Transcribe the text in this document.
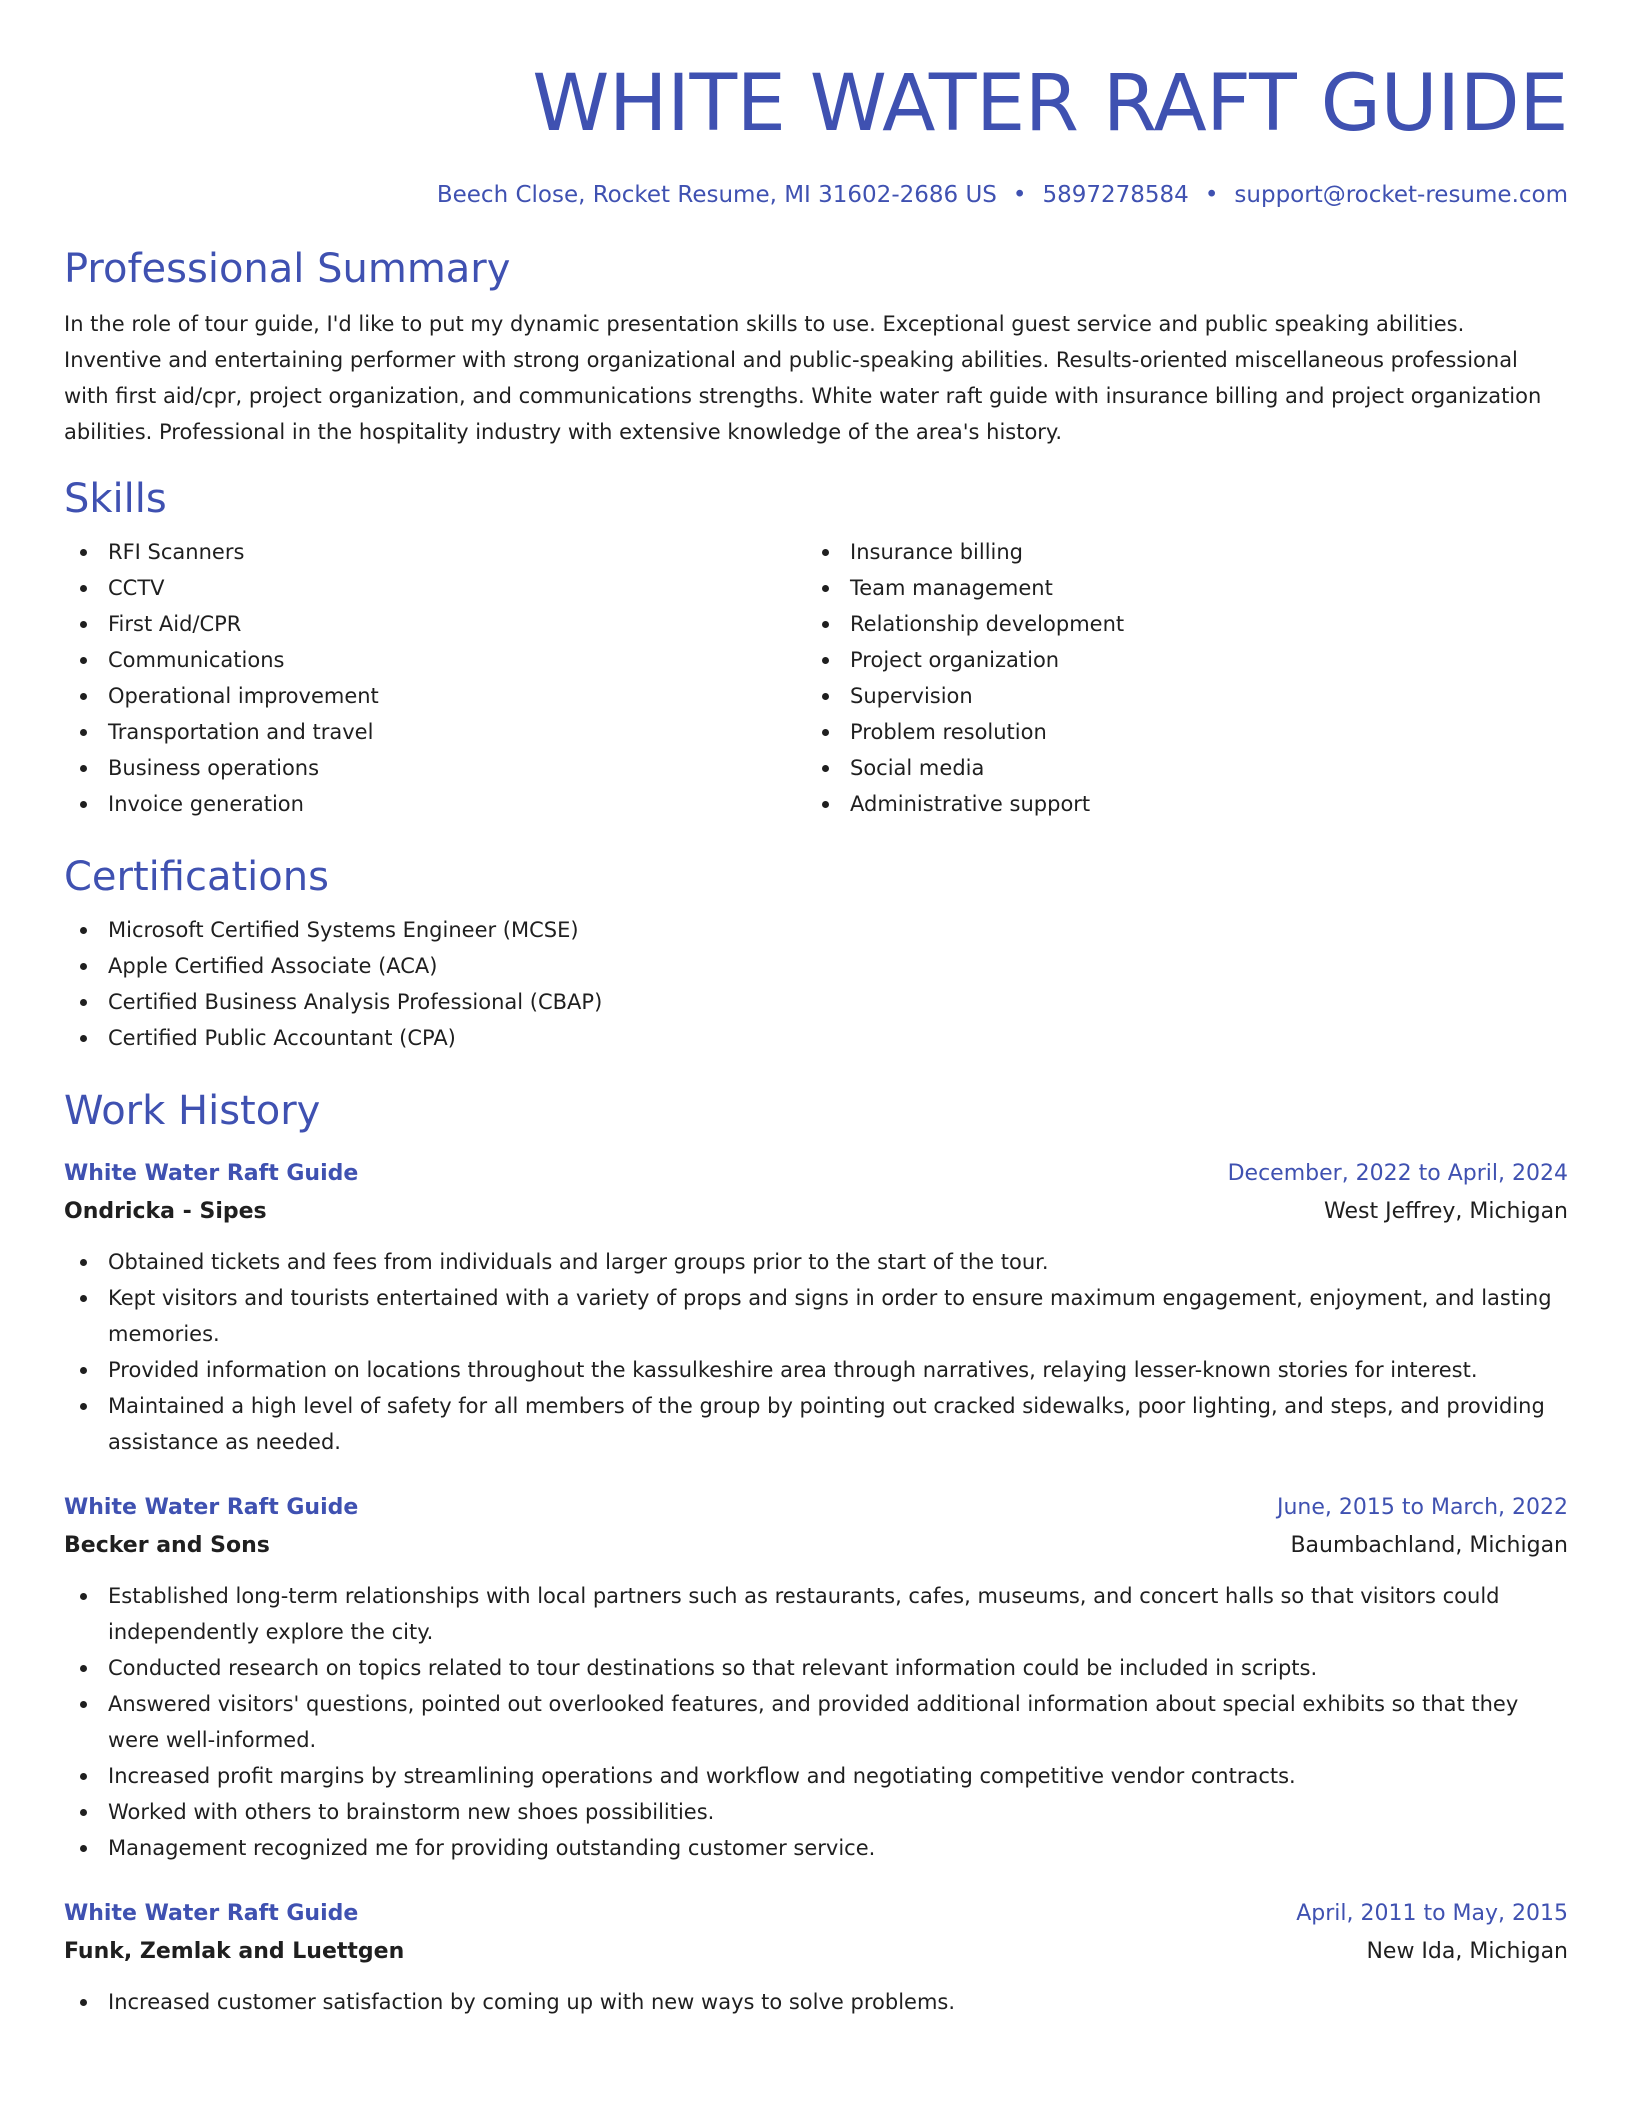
WHITE WATER RAFT GUIDE
Beech Close, Rocket Resume, MI 31602-2686 US • 5897278584 • support@rocket-resume.com
Professional Summary

In the role of tour guide, I'd like to put my dynamic presentation skills to use. Exceptional guest service and public speaking abilities. Inventive and entertaining performer with strong organizational and public-speaking abilities. Results-oriented miscellaneous professional with first aid/cpr, project organization, and communications strengths. White water raft guide with insurance billing and project organization abilities. Professional in the hospitality industry with extensive knowledge of the area's history.

Skills
RFI Scanners
CCTV
First Aid/CPR
Communications
Operational improvement
Transportation and travel
Business operations
Invoice generation
Insurance billing
Team management
Relationship development
Project organization
Supervision
Problem resolution
Social media
Administrative support
Certifications
Microsoft Certified Systems Engineer (MCSE)
Apple Certified Associate (ACA)
Certified Business Analysis Professional (CBAP)
Certified Public Accountant (CPA)
Work History
White Water Raft Guide	December, 2022 to April, 2024
Ondricka - Sipes	West Jeffrey, Michigan
Obtained tickets and fees from individuals and larger groups prior to the start of the tour.
Kept visitors and tourists entertained with a variety of props and signs in order to ensure maximum engagement, enjoyment, and lasting memories.
Provided information on locations throughout the kassulkeshire area through narratives, relaying lesser-known stories for interest.
Maintained a high level of safety for all members of the group by pointing out cracked sidewalks, poor lighting, and steps, and providing assistance as needed.
White Water Raft Guide	June, 2015 to March, 2022
Becker and Sons	Baumbachland, Michigan
Established long-term relationships with local partners such as restaurants, cafes, museums, and concert halls so that visitors could independently explore the city.
Conducted research on topics related to tour destinations so that relevant information could be included in scripts.
Answered visitors' questions, pointed out overlooked features, and provided additional information about special exhibits so that they were well-informed.
Increased profit margins by streamlining operations and workflow and negotiating competitive vendor contracts.
Worked with others to brainstorm new shoes possibilities.
Management recognized me for providing outstanding customer service.
White Water Raft Guide	April, 2011 to May, 2015
Funk, Zemlak and Luettgen	New Ida, Michigan
Increased customer satisfaction by coming up with new ways to solve problems.
